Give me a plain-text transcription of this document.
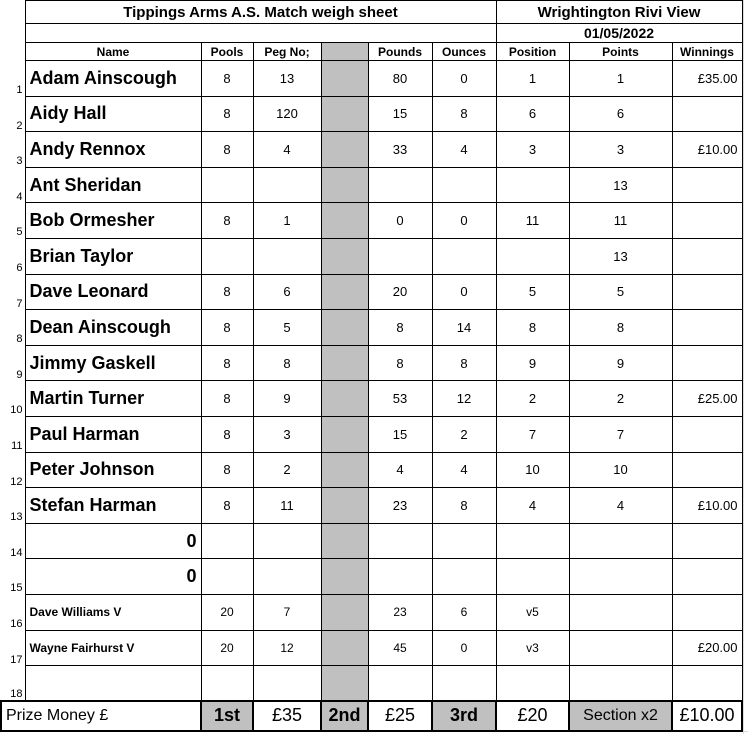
	Tippings Arms A.S. Match weigh sheet						Wrightington Rivi View		
							01/05/2022		
	Name	Pools	Peg No;		Pounds	Ounces	Position	Points	Winnings
1	Adam Ainscough	8	13		80	0	1	1	£35.00
2	Aidy Hall	8	120		15	8	6	6	
3	Andy Rennox	8	4		33	4	3	3	£10.00
4	Ant Sheridan							13	
5	Bob Ormesher	8	1		0	0	11	11	
6	Brian Taylor							13	
7	Dave Leonard	8	6		20	0	5	5	
8	Dean Ainscough	8	5		8	14	8	8	
9	Jimmy Gaskell	8	8		8	8	9	9	
10	Martin Turner	8	9		53	12	2	2	£25.00
11	Paul Harman	8	3		15	2	7	7	
12	Peter Johnson	8	2		4	4	10	10	
13	Stefan Harman	8	11		23	8	4	4	£10.00
14	0								
15	0								
16	Dave Williams V	20	7		23	6	v5		
17	Wayne Fairhurst V	20	12		45	0	v3		£20.00
18									
Prize Money £		1st	£35	2nd	£25	3rd	£20	Section x2	£10.00
